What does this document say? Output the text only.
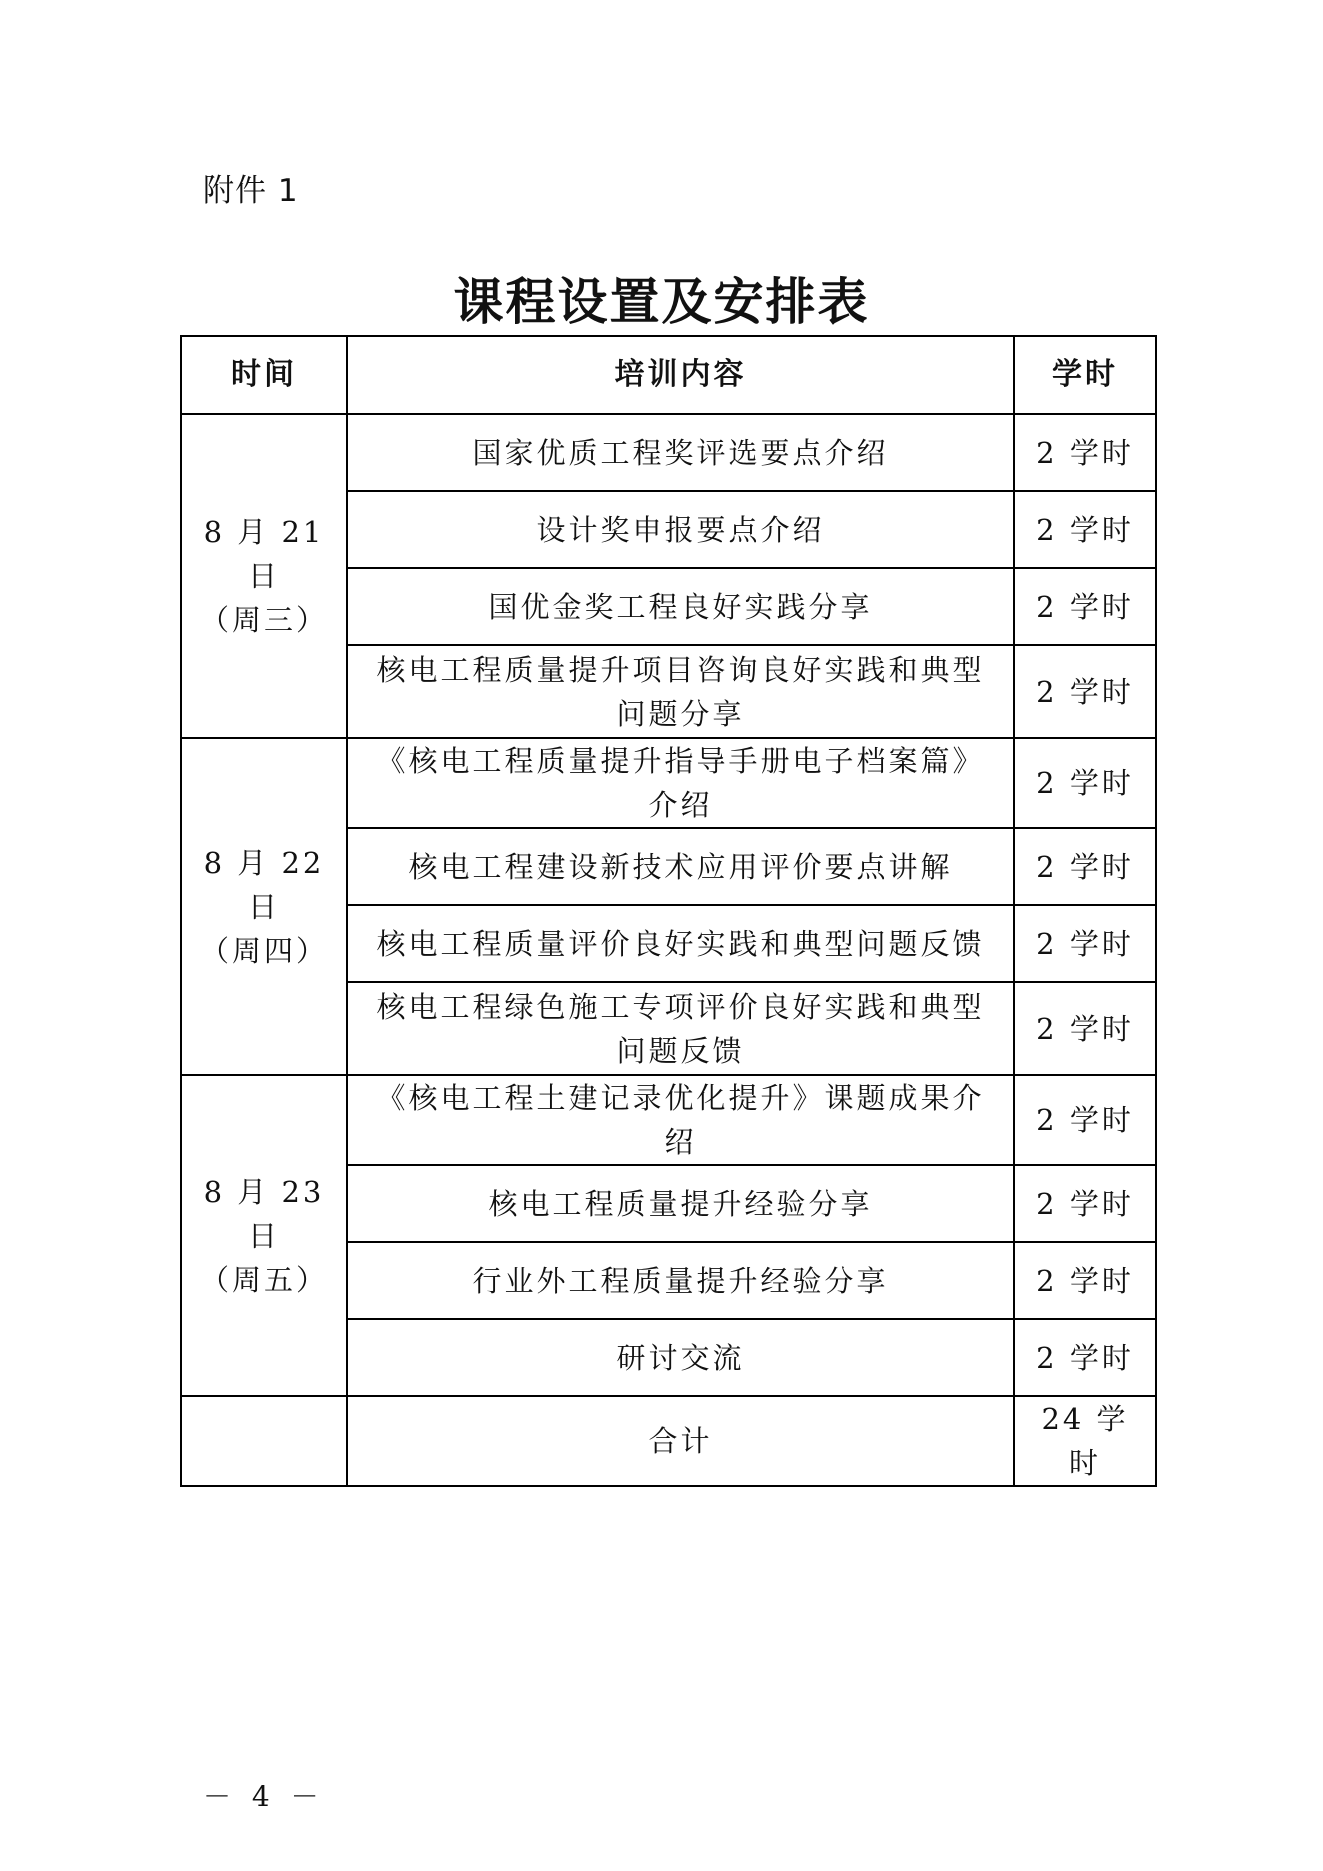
附件 1
课程设置及安排表
时间	培训内容	学时

8 月 21 日
（周三）	国家优质工程奖评选要点介绍	2 学时
	设计奖申报要点介绍	2 学时
	国优金奖工程良好实践分享	2 学时
	核电工程质量提升项目咨询良好实践和典型问题分享	2 学时

8 月 22 日
（周四）	《核电工程质量提升指导手册电子档案篇》介绍	2 学时
	核电工程建设新技术应用评价要点讲解	2 学时
	核电工程质量评价良好实践和典型问题反馈	2 学时
	核电工程绿色施工专项评价良好实践和典型问题反馈	2 学时

8 月 23 日
（周五）	《核电工程土建记录优化提升》课题成果介绍	2 学时
	核电工程质量提升经验分享	2 学时
	行业外工程质量提升经验分享	2 学时
	研讨交流	2 学时
	合计	24 学时
－ 4 －
